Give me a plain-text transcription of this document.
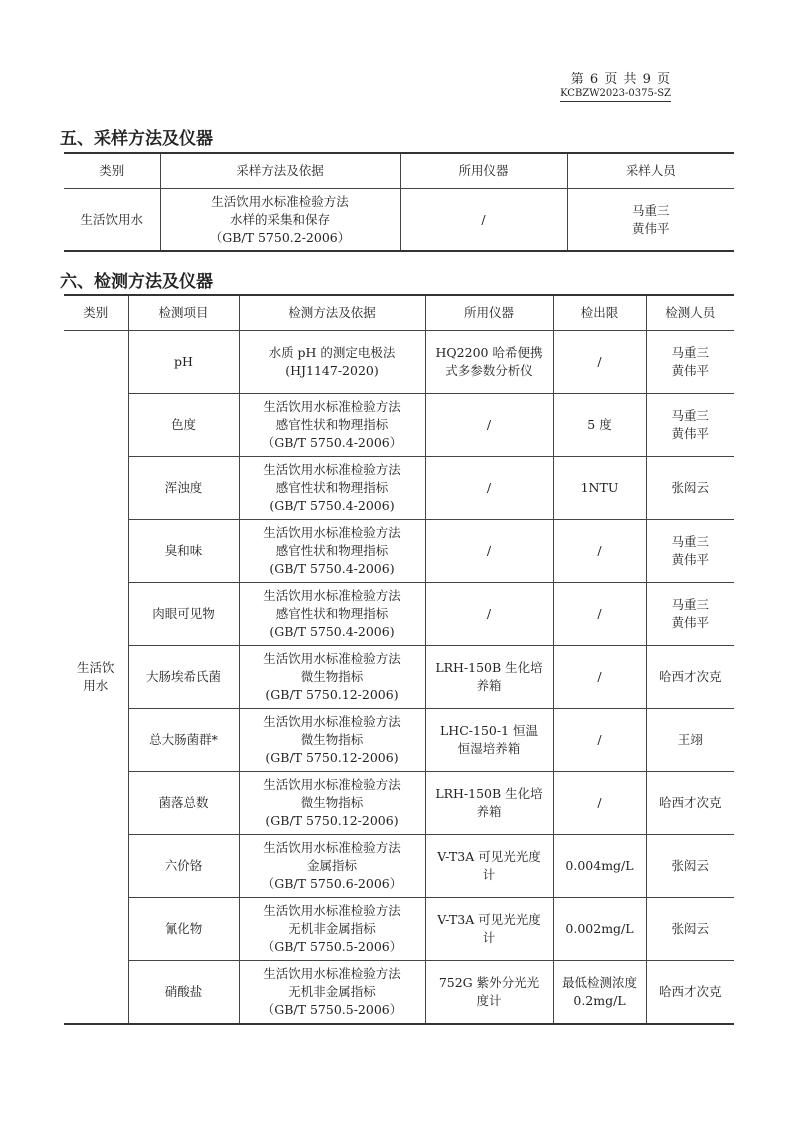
第 6 页 共 9 页
KCBZW2023-0375-SZ
五、采样方法及仪器
类别	采样方法及依据	所用仪器	采样人员
生活饮用水	生活饮用水标准检验方法
水样的采集和保存
（GB/T 5750.2-2006）	/	马重三
黄伟平
六、检测方法及仪器
类别	检测项目	检测方法及依据	所用仪器	检出限	检测人员

生活饮
用水	pH	水质 pH 的测定电极法
(HJ1147-2020)	HQ2200 哈希便携
式多参数分析仪	/	马重三
黄伟平

	色度	生活饮用水标准检验方法
感官性状和物理指标
（GB/T 5750.4-2006）	/	5 度	马重三
黄伟平

	浑浊度	生活饮用水标准检验方法
感官性状和物理指标
(GB/T 5750.4-2006)	/	1NTU	张闳云

	臭和味	生活饮用水标准检验方法
感官性状和物理指标
(GB/T 5750.4-2006)	/	/	马重三
黄伟平

	肉眼可见物	生活饮用水标准检验方法
感官性状和物理指标
(GB/T 5750.4-2006)	/	/	马重三
黄伟平

	大肠埃希氏菌	生活饮用水标准检验方法
微生物指标
(GB/T 5750.12-2006)	LRH-150B 生化培
养箱	/	哈西才次克

	总大肠菌群*	生活饮用水标准检验方法
微生物指标
(GB/T 5750.12-2006)	LHC-150-1 恒温
恒湿培养箱	/	王翊

	菌落总数	生活饮用水标准检验方法
微生物指标
(GB/T 5750.12-2006)	LRH-150B 生化培
养箱	/	哈西才次克

	六价铬	生活饮用水标准检验方法
金属指标
（GB/T 5750.6-2006）	V-T3A 可见光光度
计	0.004mg/L	张闳云

	氰化物	生活饮用水标准检验方法
无机非金属指标
（GB/T 5750.5-2006）	V-T3A 可见光光度
计	0.002mg/L	张闳云

	硝酸盐	生活饮用水标准检验方法
无机非金属指标
（GB/T 5750.5-2006）	752G 紫外分光光
度计	最低检测浓度
0.2mg/L	哈西才次克
